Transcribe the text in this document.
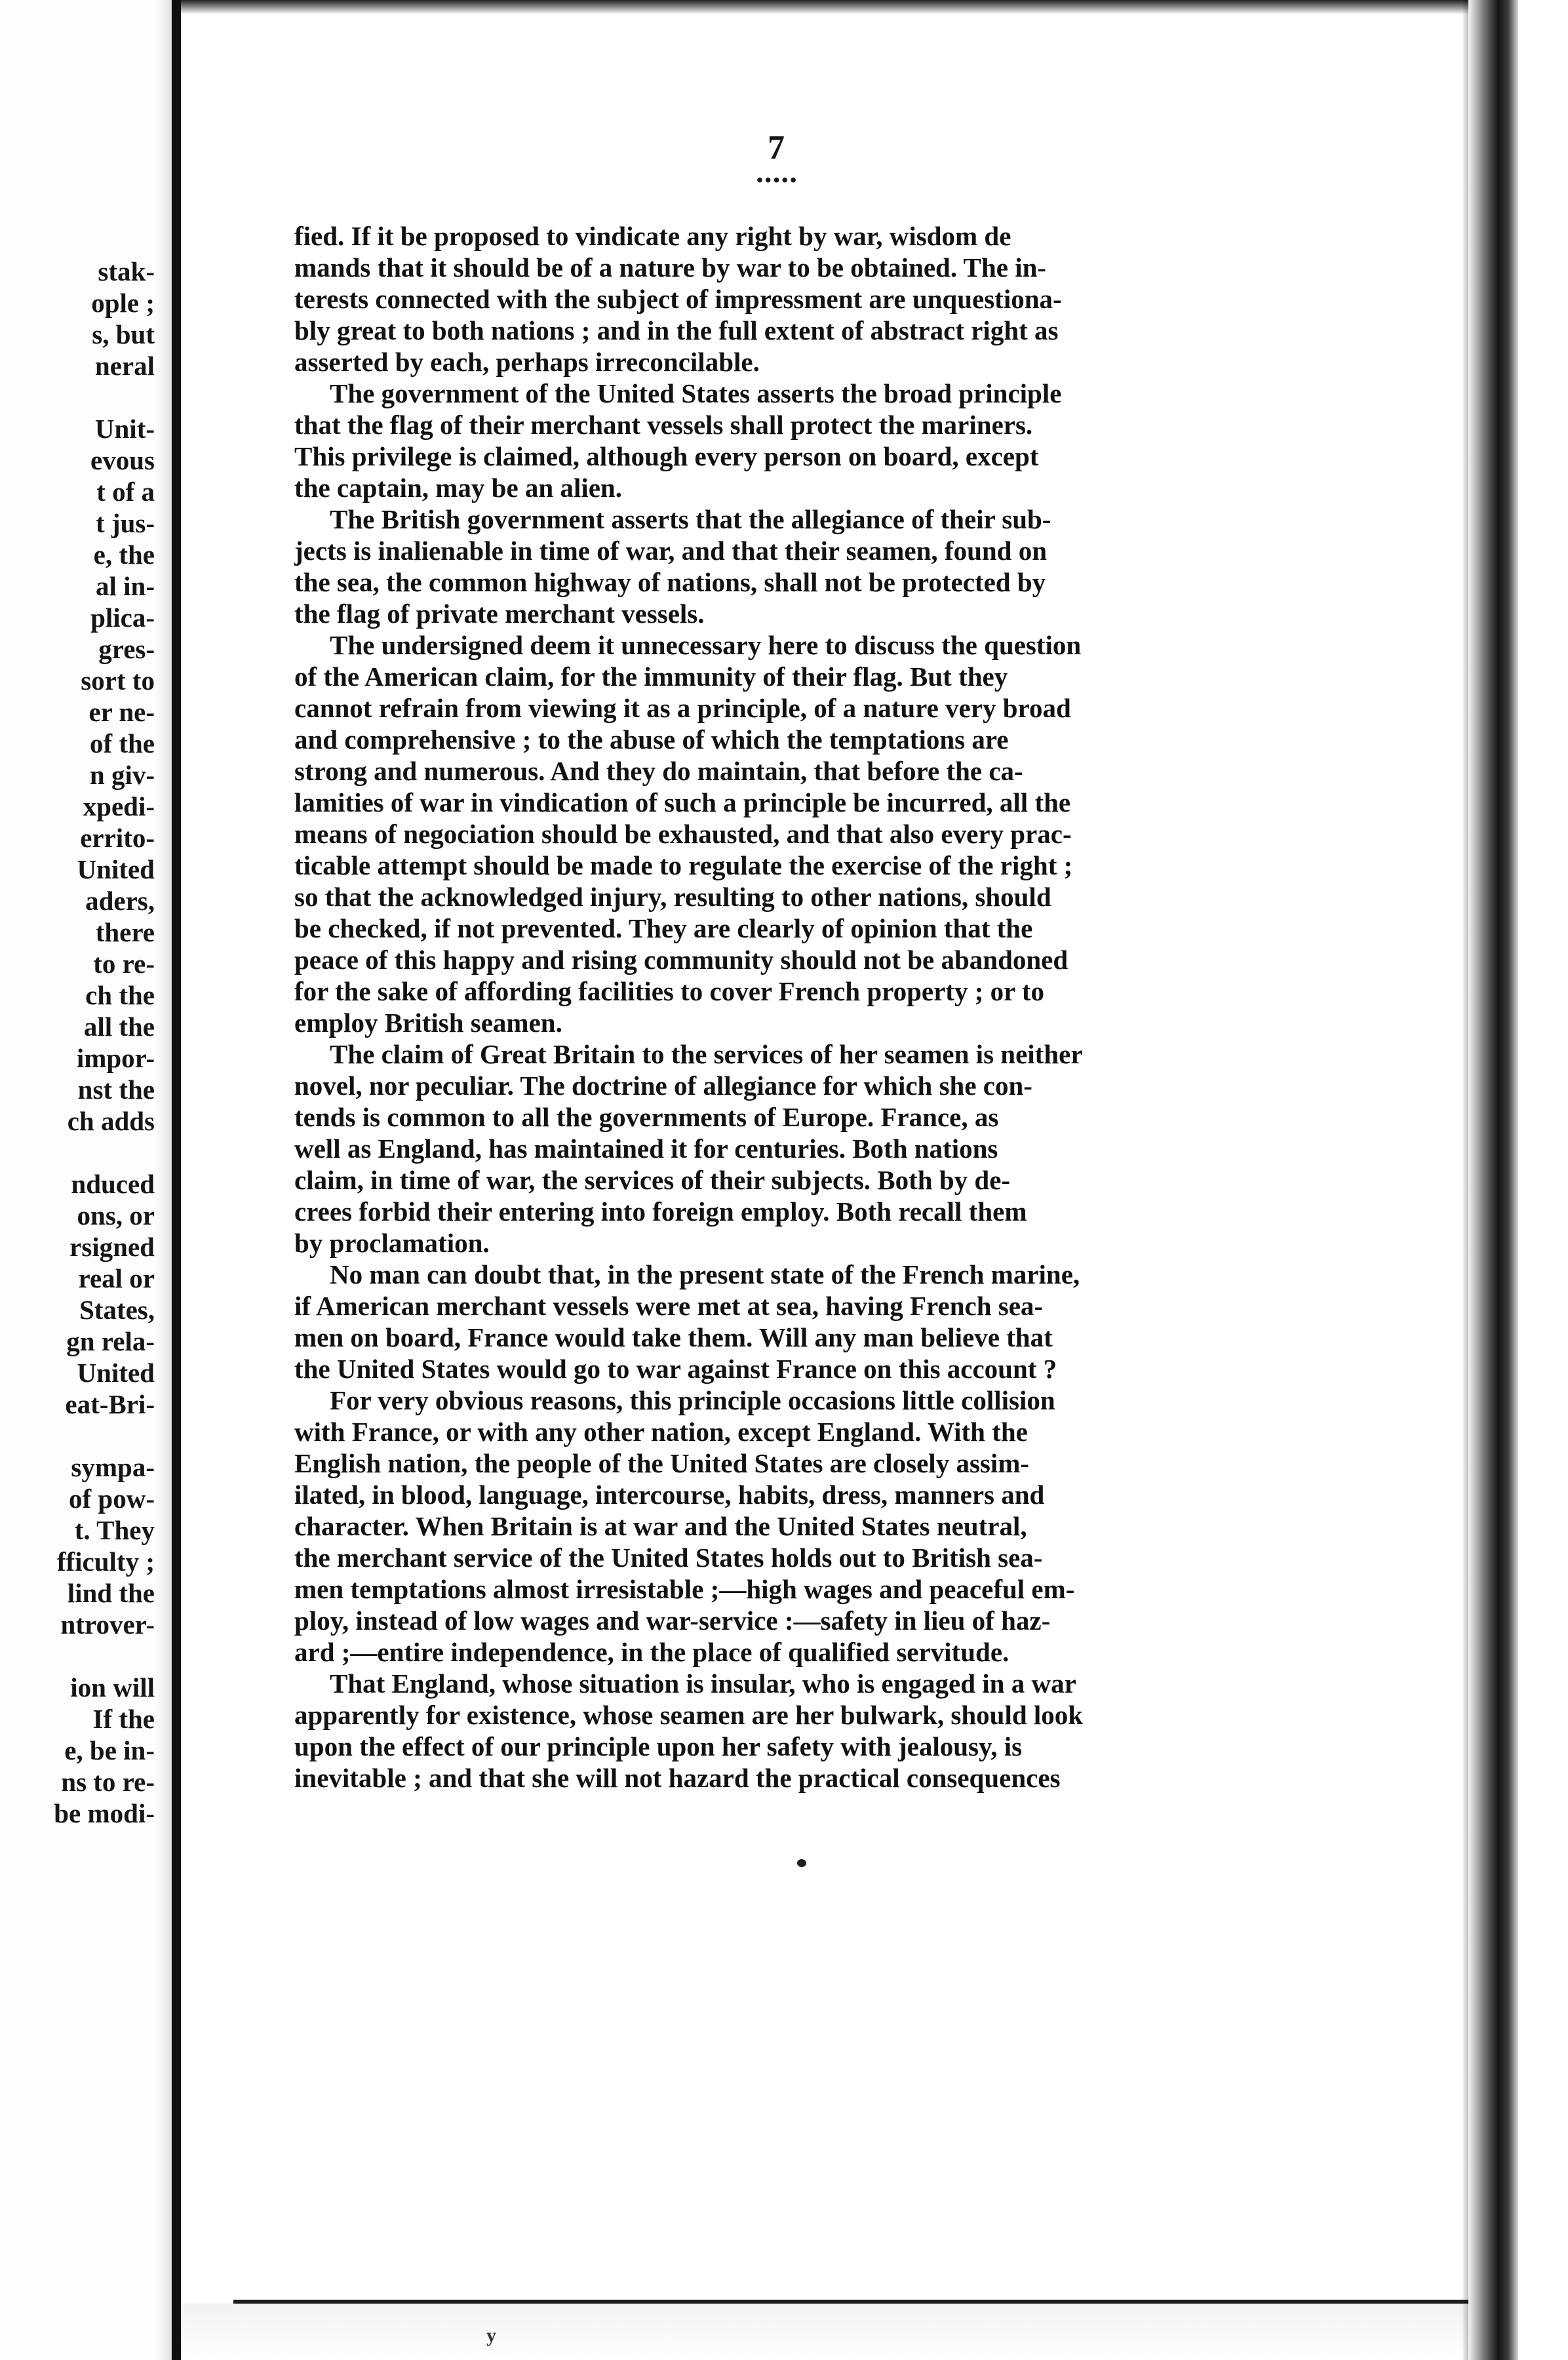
stak-
ople ;
s, but
neral
Unit-
evous
t of a
t jus-
e, the
al in-
plica-
gres-
sort to
er ne-
of the
n giv-
xpedi-
errito-
United
aders,
there
to re-
ch the
all the
impor-
nst the
ch adds
nduced
ons, or
rsigned
real or
States,
gn rela-
United
eat-Bri-
sympa-
of pow-
t. They
fficulty ;
lind the
ntrover-
ion will
If the
e, be in-
ns to re-
be modi-
7
•••••
fied. If it be proposed to vindicate any right by war, wisdom de
mands that it should be of a nature by war to be obtained. The in-
terests connected with the subject of impressment are unquestiona-
bly great to both nations ; and in the full extent of abstract right as
asserted by each, perhaps irreconcilable.
The government of the United States asserts the broad principle
that the flag of their merchant vessels shall protect the mariners.
This privilege is claimed, although every person on board, except
the captain, may be an alien.
The British government asserts that the allegiance of their sub-
jects is inalienable in time of war, and that their seamen, found on
the sea, the common highway of nations, shall not be protected by
the flag of private merchant vessels.
The undersigned deem it unnecessary here to discuss the question
of the American claim, for the immunity of their flag. But they
cannot refrain from viewing it as a principle, of a nature very broad
and comprehensive ; to the abuse of which the temptations are
strong and numerous. And they do maintain, that before the ca-
lamities of war in vindication of such a principle be incurred, all the
means of negociation should be exhausted, and that also every prac-
ticable attempt should be made to regulate the exercise of the right ;
so that the acknowledged injury, resulting to other nations, should
be checked, if not prevented. They are clearly of opinion that the
peace of this happy and rising community should not be abandoned
for the sake of affording facilities to cover French property ; or to
employ British seamen.
The claim of Great Britain to the services of her seamen is neither
novel, nor peculiar. The doctrine of allegiance for which she con-
tends is common to all the governments of Europe. France, as
well as England, has maintained it for centuries. Both nations
claim, in time of war, the services of their subjects. Both by de-
crees forbid their entering into foreign employ. Both recall them
by proclamation.
No man can doubt that, in the present state of the French marine,
if American merchant vessels were met at sea, having French sea-
men on board, France would take them. Will any man believe that
the United States would go to war against France on this account ?
For very obvious reasons, this principle occasions little collision
with France, or with any other nation, except England. With the
English nation, the people of the United States are closely assim-
ilated, in blood, language, intercourse, habits, dress, manners and
character. When Britain is at war and the United States neutral,
the merchant service of the United States holds out to British sea-
men temptations almost irresistable ;—high wages and peaceful em-
ploy, instead of low wages and war-service :—safety in lieu of haz-
ard ;—entire independence, in the place of qualified servitude.
That England, whose situation is insular, who is engaged in a war
apparently for existence, whose seamen are her bulwark, should look
upon the effect of our principle upon her safety with jealousy, is
inevitable ; and that she will not hazard the practical consequences
y
